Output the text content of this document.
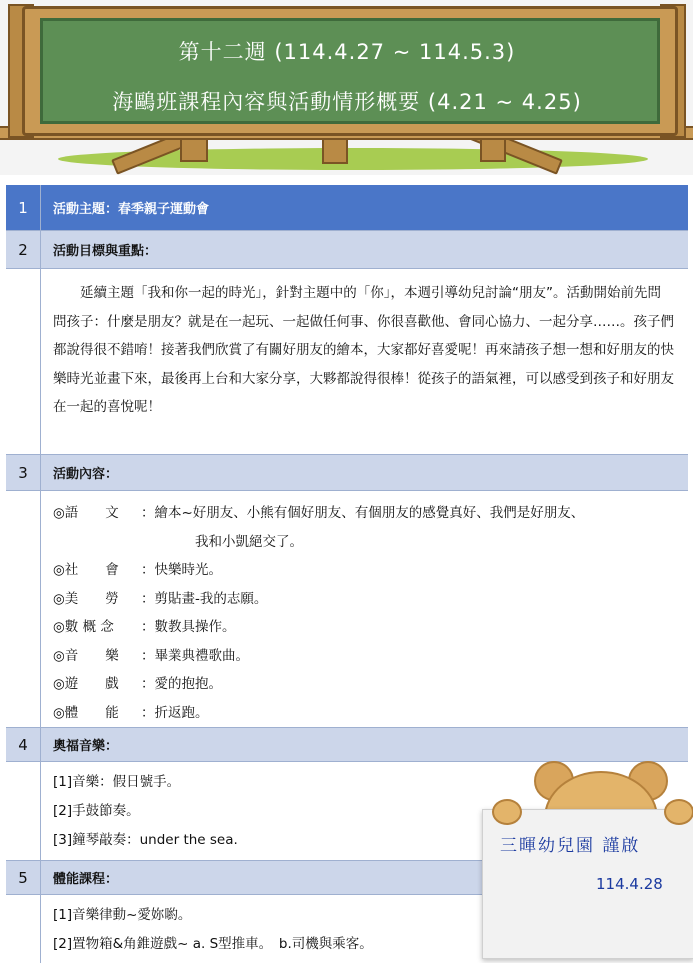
第十二週 (114.4.27 ~ 114.5.3)
海鷗班課程內容與活動情形概要 (4.21 ~ 4.25)
1	活動主題：春季親子運動會
2	活動目標與重點：
延續主題「我和你一起的時光」，針對主題中的「你」，本週引導幼兒討論“朋友”。活動開始前先問問孩子：什麼是朋友？就是在一起玩、一起做任何事、你很喜歡他、會同心協力、一起分享……。孩子們都說得很不錯唷！接著我們欣賞了有關好朋友的繪本，大家都好喜愛呢！再來請孩子想一想和好朋友的快樂時光並畫下來，最後再上台和大家分享，大夥都說得很棒！從孩子的語氣裡，可以感受到孩子和好朋友在一起的喜悅呢！
3	活動內容：
◎語　　文 ：繪本~好朋友、小熊有個好朋友、有個朋友的感覺真好、我們是好朋友、
我和小凱絕交了。
◎社　　會 ：快樂時光。
◎美　　勞 ：剪貼畫-我的志願。
◎數 概 念 ：數教具操作。
◎音　　樂 ：畢業典禮歌曲。
◎遊　　戲 ：愛的抱抱。
◎體　　能 ：折返跑。
4	奧福音樂：
[1]音樂：假日號手。
[2]手鼓節奏。
[3]鐘琴敲奏：under the sea.
5	體能課程：
[1]音樂律動~愛妳喲。
[2]置物箱&角錐遊戲~ a. S型推車。　b.司機與乘客。
三暉幼兒園 謹啟
114.4.28
